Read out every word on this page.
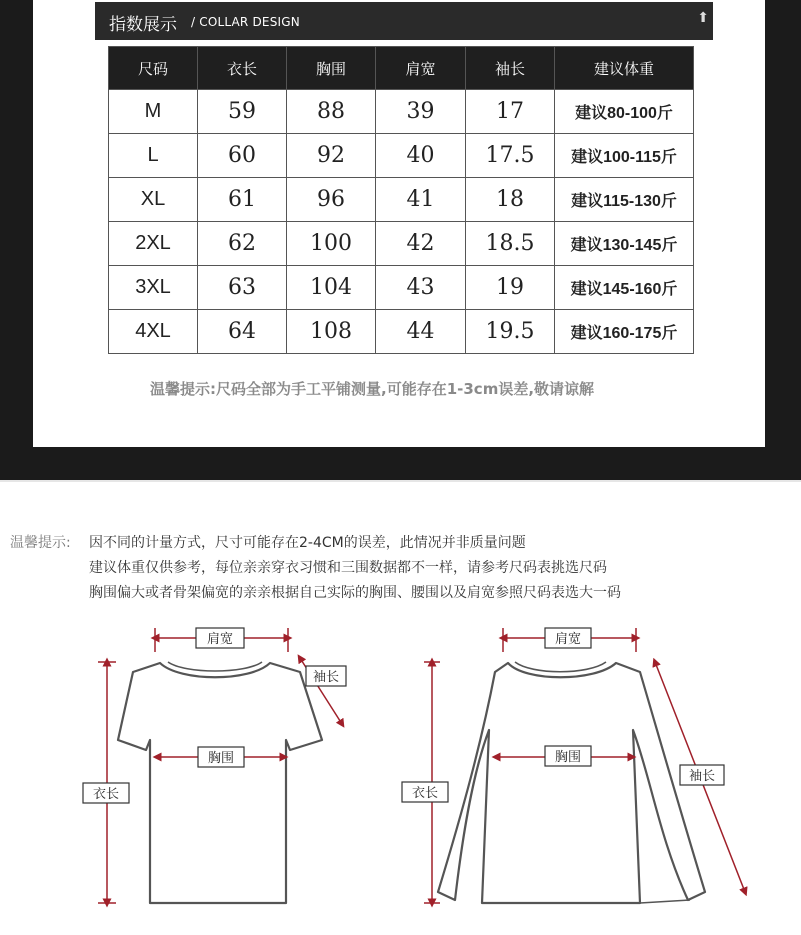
指数展示 / COLLAR DESIGN	⬆
尺码	衣长	胸围	肩宽	袖长	建议体重
M	59	88	39	17	建议80-100斤
L	60	92	40	17.5	建议100-115斤
XL	61	96	41	18	建议115-130斤
2XL	62	100	42	18.5	建议130-145斤
3XL	63	104	43	19	建议145-160斤
4XL	64	108	44	19.5	建议160-175斤
温馨提示:尺码全部为手工平铺测量,可能存在1-3cm误差,敬请谅解
温馨提示: 因不同的计量方式，尺寸可能存在2-4CM的误差，此情况并非质量问题
建议体重仅供参考，每位亲亲穿衣习惯和三围数据都不一样，请参考尺码表挑选尺码
胸围偏大或者骨架偏宽的亲亲根据自己实际的胸围、腰围以及肩宽参照尺码表选大一码
肩宽
袖长
胸围
衣长
肩宽
胸围
衣长
袖长
